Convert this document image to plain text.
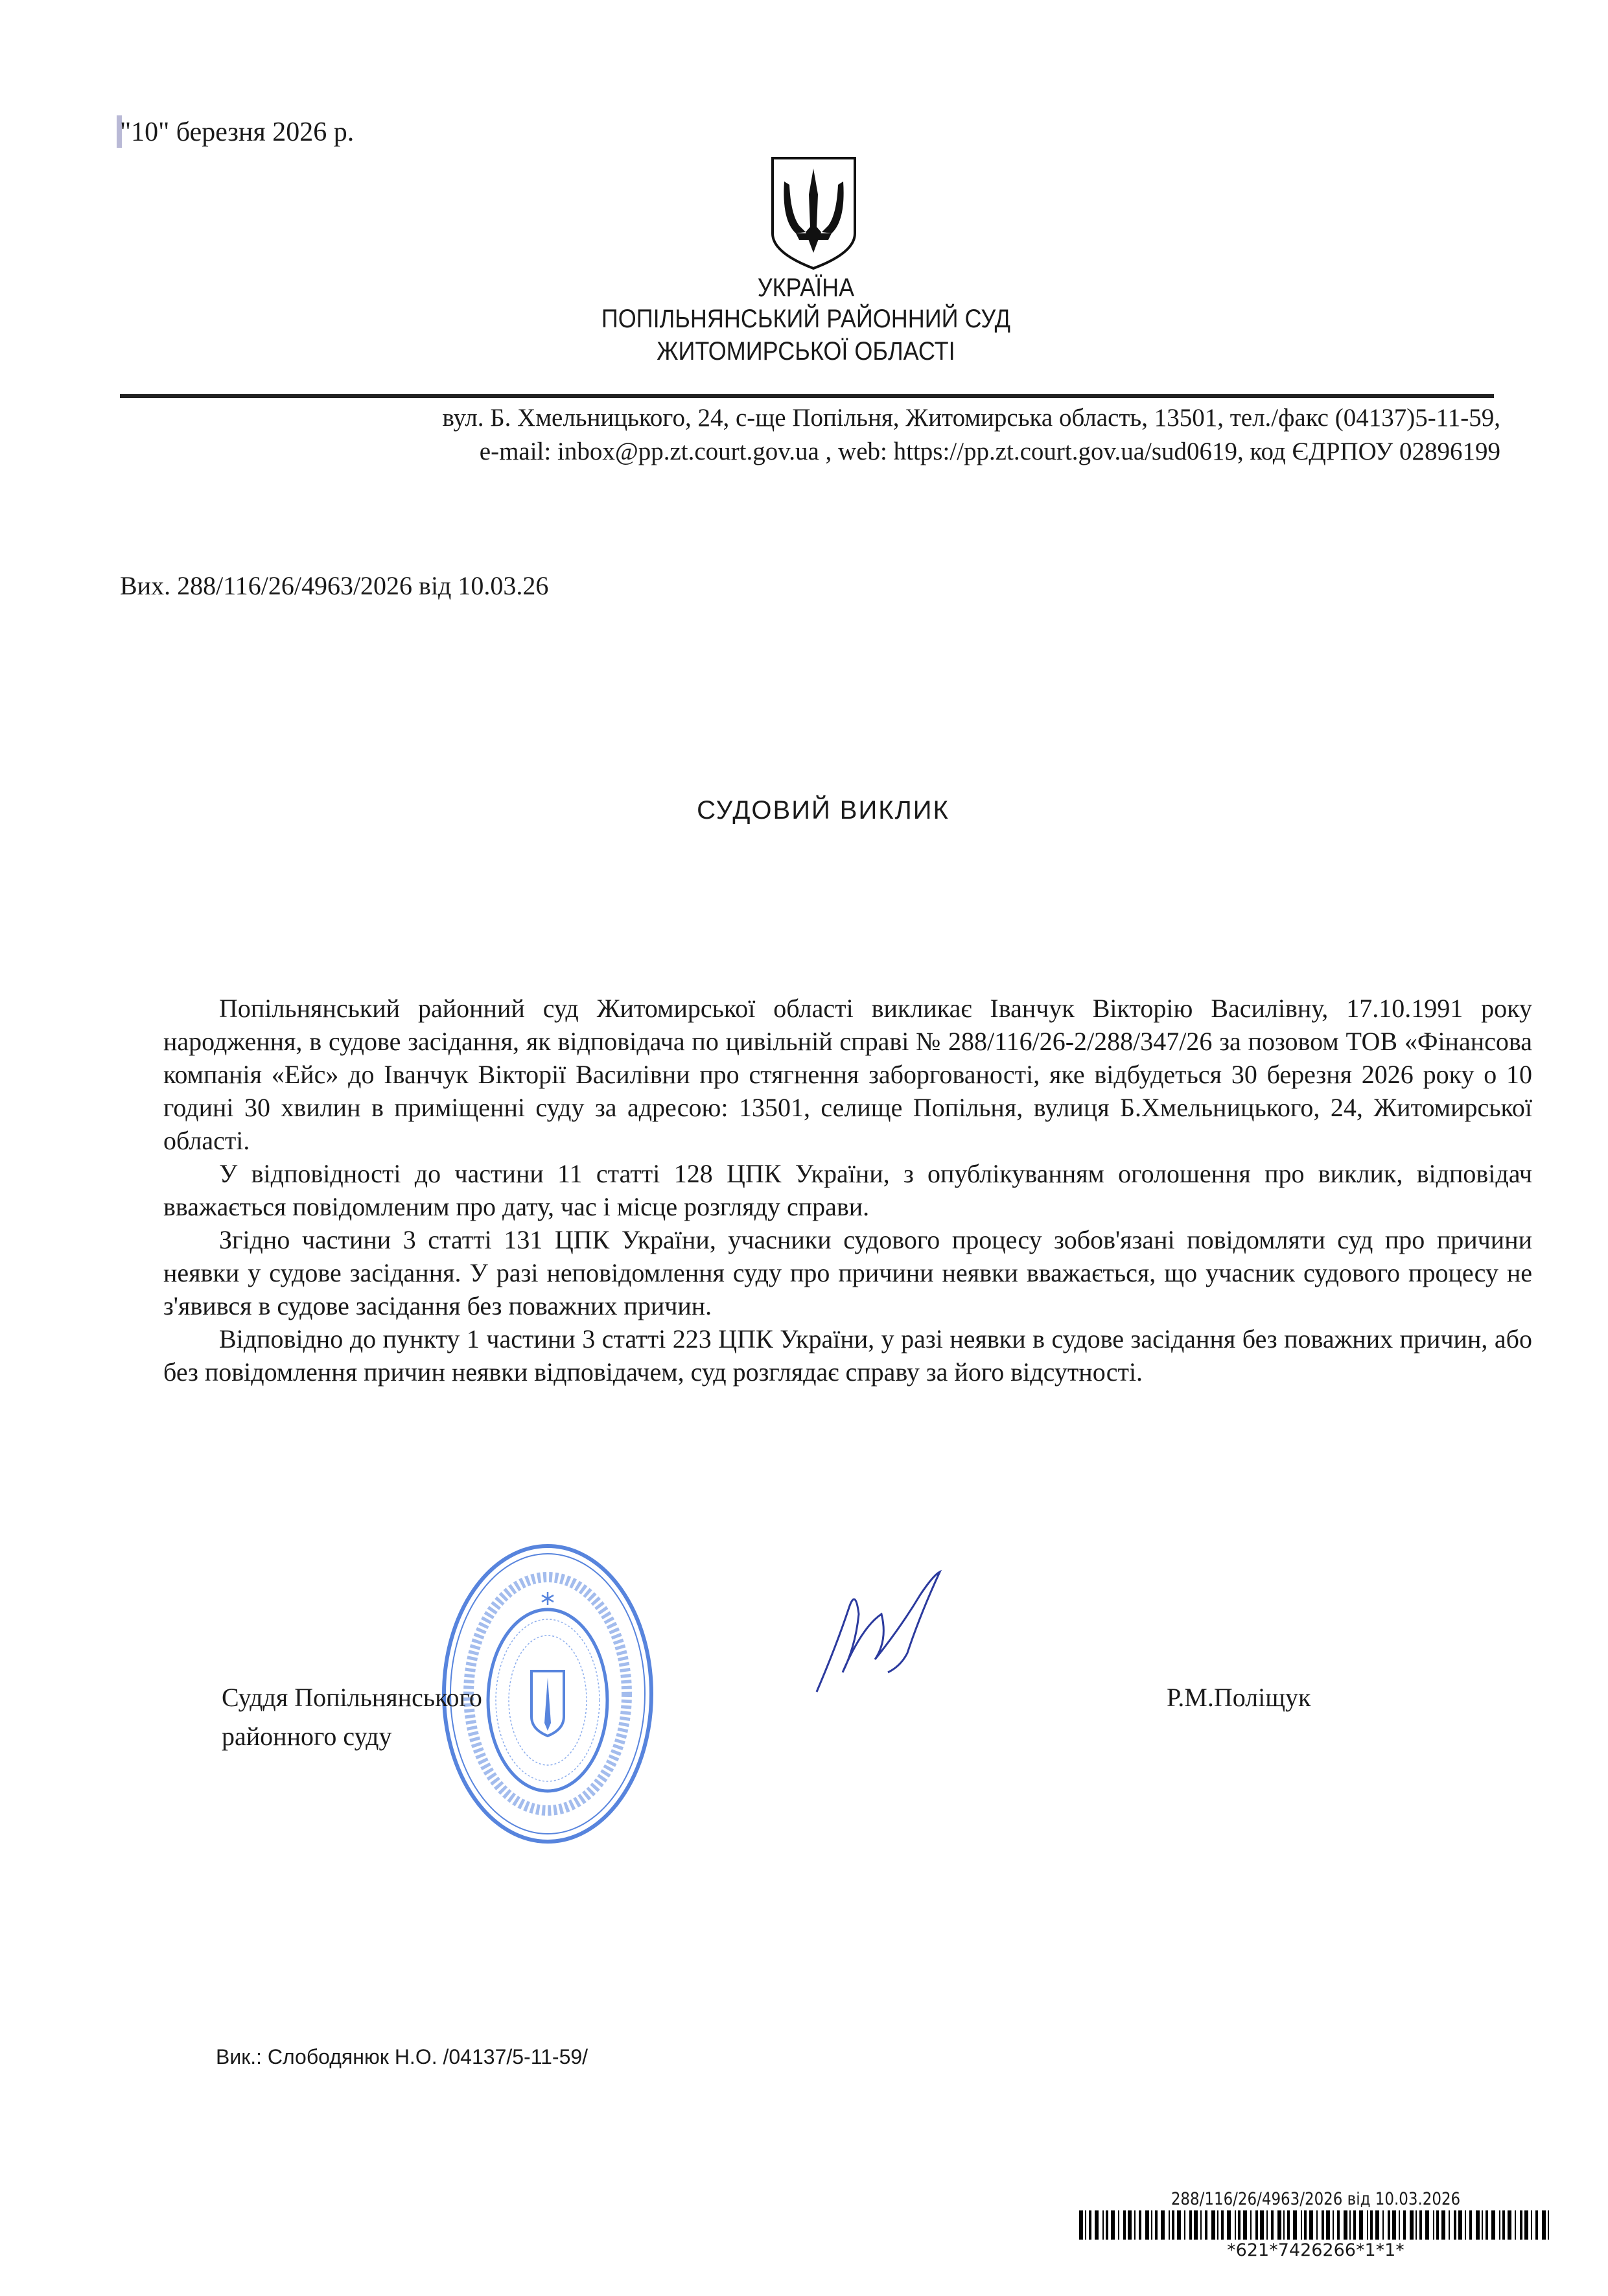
"10" березня 2026 р.
УКРАЇНА
ПОПІЛЬНЯНСЬКИЙ РАЙОННИЙ СУД
ЖИТОМИРСЬКОЇ ОБЛАСТІ
вул. Б. Хмельницького, 24, с-ще Попільня, Житомирська область, 13501, тел./факс (04137)5-11-59,
e-mail: inbox@pp.zt.court.gov.ua , web: https://pp.zt.court.gov.ua/sud0619, код ЄДРПОУ 02896199
Вих. 288/116/26/4963/2026 від 10.03.26
СУДОВИЙ ВИКЛИК

Попільнянський районний суд Житомирської області викликає Іванчук Вікторію Василівну, 17.10.1991 року народження, в судове засідання, як відповідача по цивільній справі № 288/116/26-2/288/347/26 за позовом ТОВ «Фінансова компанія «Ейс» до Іванчук Вікторії Василівни про стягнення заборгованості, яке відбудеться 30 березня 2026 року о 10 годині 30 хвилин в приміщенні суду за адресою: 13501, селище Попільня, вулиця Б.Хмельницького, 24, Житомирської області.

У відповідності до частини 11 статті 128 ЦПК України, з опублікуванням оголошення про виклик, відповідач вважається повідомленим про дату, час і місце розгляду справи.

Згідно частини 3 статті 131 ЦПК України, учасники судового процесу зобов'язані повідомляти суд про причини неявки у судове засідання. У разі неповідомлення суду про причини неявки вважається, що учасник судового процесу не з'явився в судове засідання без поважних причин.

Відповідно до пункту 1 частини 3 статті 223 ЦПК України, у разі неявки в судове засідання без поважних причин, або без повідомлення причин неявки відповідачем, суд розглядає справу за його відсутності.

Суддя Попільнянського
районного суду
Р.М.Поліщук
Вик.: Слободянюк Н.О. /04137/5-11-59/
288/116/26/4963/2026 від 10.03.2026
*621*7426266*1*1*
